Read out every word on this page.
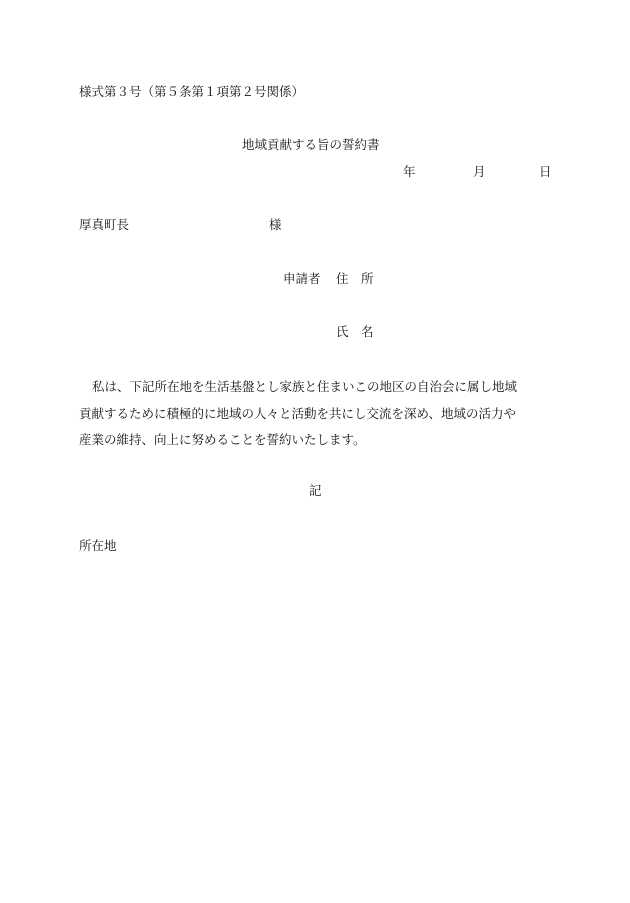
様式第３号（第５条第１項第２号関係）
地域貢献する旨の誓約書
年	月	日
厚真町長	様
申請者 住　所
氏　名
私は、下記所在地を生活基盤とし家族と住まいこの地区の自治会に属し地域
貢献するために積極的に地域の人々と活動を共にし交流を深め、地域の活力や
産業の維持、向上に努めることを誓約いたします。
記
所在地
